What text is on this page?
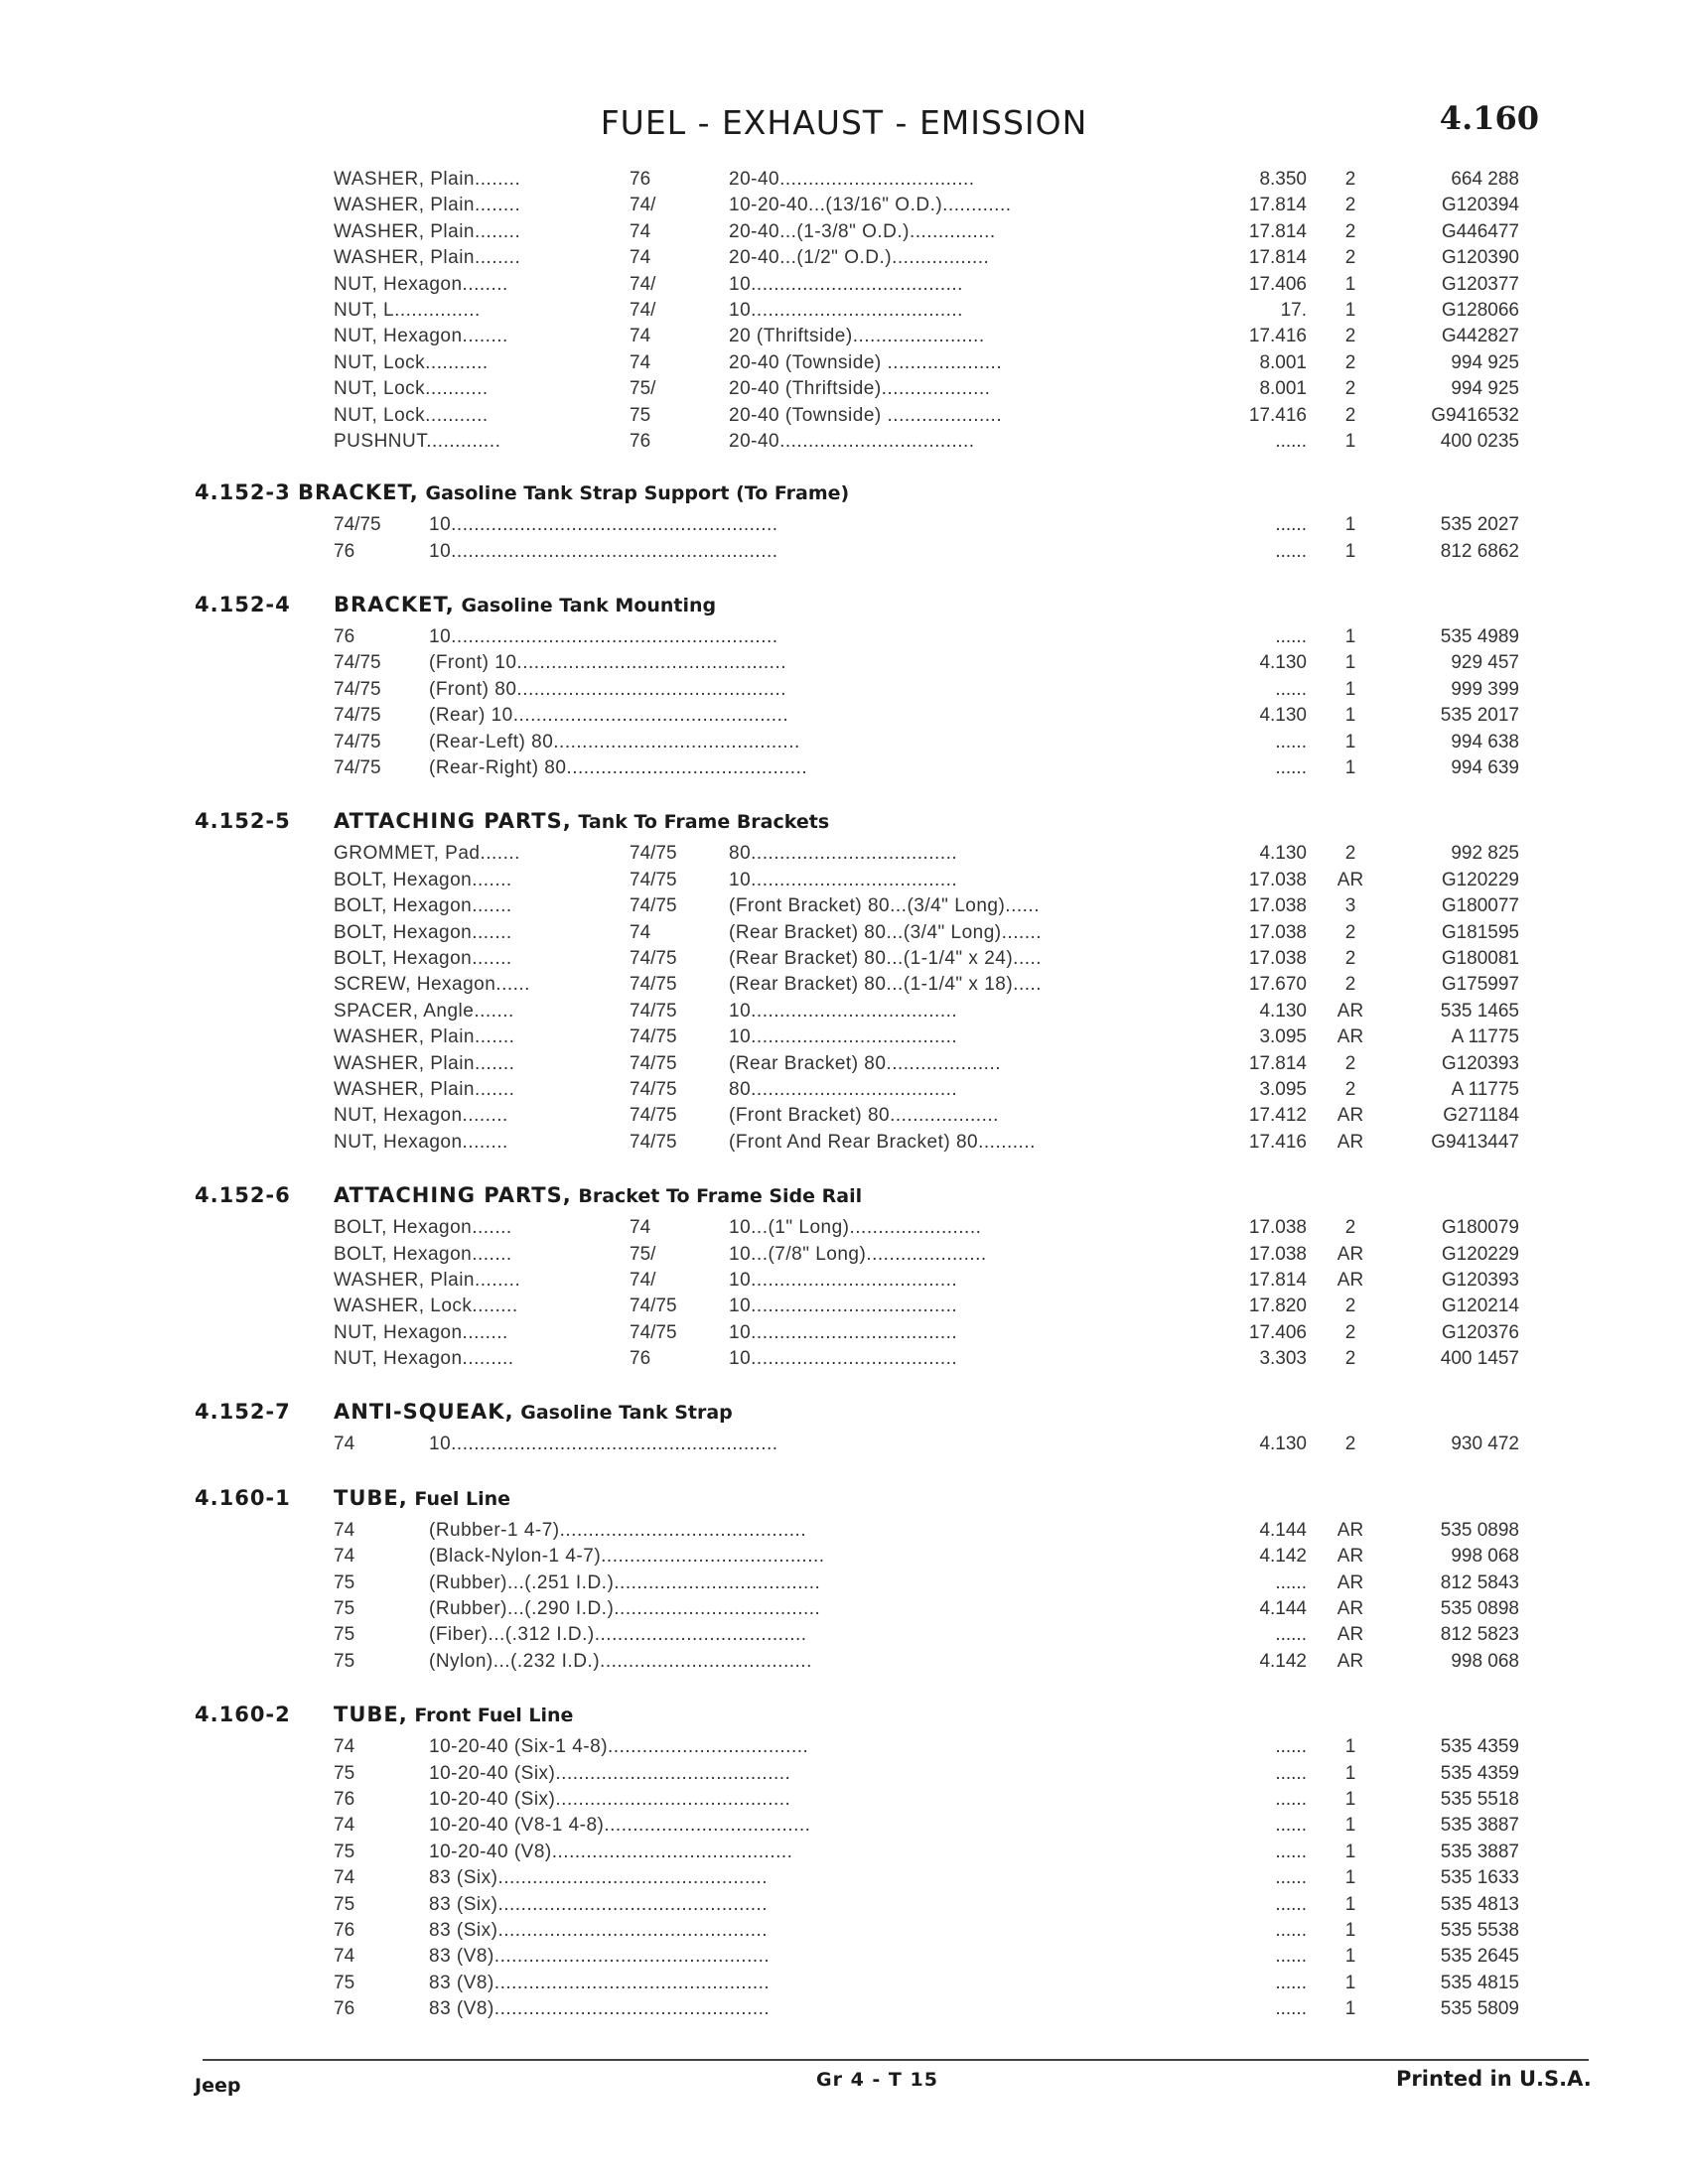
FUEL - EXHAUST - EMISSION	4.160
WASHER, Plain........	76	20-40..................................	8.350	2	664 288
WASHER, Plain........	74/	10-20-40...(13/16" O.D.)............	17.814	2	G120394
WASHER, Plain........	74	20-40...(1-3/8" O.D.)...............	17.814	2	G446477
WASHER, Plain........	74	20-40...(1/2" O.D.).................	17.814	2	G120390
NUT, Hexagon........	74/	10.....................................	17.406	1	G120377
NUT, L...............	74/	10.....................................	17.	1	G128066
NUT, Hexagon........	74	20 (Thriftside).......................	17.416	2	G442827
NUT, Lock...........	74	20-40 (Townside) ....................	8.001	2	994 925
NUT, Lock...........	75/	20-40 (Thriftside)...................	8.001	2	994 925
NUT, Lock...........	75	20-40 (Townside) ....................	17.416	2	G9416532
PUSHNUT.............	76	20-40..................................	......	1	400 0235
4.152-3 BRACKET, Gasoline Tank Strap Support (To Frame)
74/75	10.........................................................	......	1	535 2027
76	10.........................................................	......	1	812 6862
4.152-4 BRACKET, Gasoline Tank Mounting
76	10.........................................................	......	1	535 4989
74/75	(Front) 10...............................................	4.130	1	929 457
74/75	(Front) 80...............................................	......	1	999 399
74/75	(Rear) 10................................................	4.130	1	535 2017
74/75	(Rear-Left) 80...........................................	......	1	994 638
74/75	(Rear-Right) 80..........................................	......	1	994 639
4.152-5 ATTACHING PARTS, Tank To Frame Brackets
GROMMET, Pad.......	74/75	80....................................	4.130	2	992 825
BOLT, Hexagon.......	74/75	10....................................	17.038	AR	G120229
BOLT, Hexagon.......	74/75	(Front Bracket) 80...(3/4" Long)......	17.038	3	G180077
BOLT, Hexagon.......	74	(Rear Bracket) 80...(3/4" Long).......	17.038	2	G181595
BOLT, Hexagon.......	74/75	(Rear Bracket) 80...(1-1/4" x 24).....	17.038	2	G180081
SCREW, Hexagon......	74/75	(Rear Bracket) 80...(1-1/4" x 18).....	17.670	2	G175997
SPACER, Angle.......	74/75	10....................................	4.130	AR	535 1465
WASHER, Plain.......	74/75	10....................................	3.095	AR	A 11775
WASHER, Plain.......	74/75	(Rear Bracket) 80....................	17.814	2	G120393
WASHER, Plain.......	74/75	80....................................	3.095	2	A 11775
NUT, Hexagon........	74/75	(Front Bracket) 80...................	17.412	AR	G271184
NUT, Hexagon........	74/75	(Front And Rear Bracket) 80..........	17.416	AR	G9413447
4.152-6 ATTACHING PARTS, Bracket To Frame Side Rail
BOLT, Hexagon.......	74	10...(1" Long).......................	17.038	2	G180079
BOLT, Hexagon.......	75/	10...(7/8" Long).....................	17.038	AR	G120229
WASHER, Plain........	74/	10....................................	17.814	AR	G120393
WASHER, Lock........	74/75	10....................................	17.820	2	G120214
NUT, Hexagon........	74/75	10....................................	17.406	2	G120376
NUT, Hexagon.........	76	10....................................	3.303	2	400 1457
4.152-7 ANTI-SQUEAK, Gasoline Tank Strap
74	10.........................................................	4.130	2	930 472
4.160-1 TUBE, Fuel Line
74	(Rubber-1 4-7)...........................................	4.144	AR	535 0898
74	(Black-Nylon-1 4-7).......................................	4.142	AR	998 068
75	(Rubber)...(.251 I.D.)....................................	......	AR	812 5843
75	(Rubber)...(.290 I.D.)....................................	4.144	AR	535 0898
75	(Fiber)...(.312 I.D.).....................................	......	AR	812 5823
75	(Nylon)...(.232 I.D.).....................................	4.142	AR	998 068
4.160-2 TUBE, Front Fuel Line
74	10-20-40 (Six-1 4-8)...................................	......	1	535 4359
75	10-20-40 (Six).........................................	......	1	535 4359
76	10-20-40 (Six).........................................	......	1	535 5518
74	10-20-40 (V8-1 4-8)....................................	......	1	535 3887
75	10-20-40 (V8)..........................................	......	1	535 3887
74	83 (Six)...............................................	......	1	535 1633
75	83 (Six)...............................................	......	1	535 4813
76	83 (Six)...............................................	......	1	535 5538
74	83 (V8)................................................	......	1	535 2645
75	83 (V8)................................................	......	1	535 4815
76	83 (V8)................................................	......	1	535 5809
Jeep	Gr 4 - T 15	Printed in U.S.A.
